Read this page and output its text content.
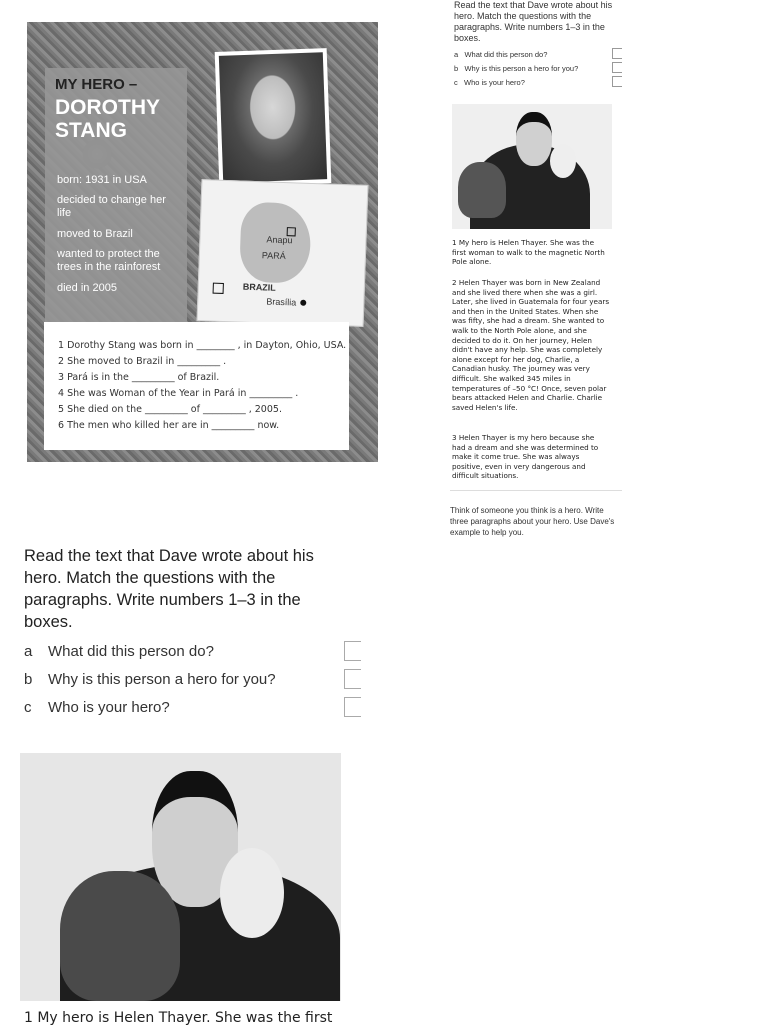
MY HERO –
DOROTHY STANG
born: 1931 in USA
decided to change her life
moved to Brazil
wanted to protect the trees in the rainforest
died in 2005
Anapu
PARÁ
BRAZIL
Brasília
1 Dorothy Stang was born in ________ , in Dayton, Ohio, USA.
2 She moved to Brazil in _________ .
3 Pará is in the _________ of Brazil.
4 She was Woman of the Year in Pará in _________ .
5 She died on the _________ of _________ , 2005.
6 The men who killed her are in _________ now.
Read the text that Dave wrote about his hero. Match the questions with the paragraphs. Write numbers 1–3 in the boxes.
a What did this person do?
b Why is this person a hero for you?
c Who is your hero?
1 My hero is Helen Thayer. She was the first woman to walk to the magnetic North Pole alone.
2 Helen Thayer was born in New Zealand and she lived there when she was a girl. Later, she lived in Guatemala for four years and then in the United States. When she was fifty, she had a dream. She wanted to walk to the North Pole alone, and she decided to do it. On her journey, Helen didn't have any help. She was completely alone except for her dog, Charlie, a Canadian husky. The journey was very difficult. She walked 345 miles in temperatures of –50 °C! Once, seven polar bears attacked Helen and Charlie. Charlie saved Helen's life.
3 Helen Thayer is my hero because she had a dream and she was determined to make it come true. She was always positive, even in very dangerous and difficult situations.
Think of someone you think is a hero. Write three paragraphs about your hero. Use Dave's example to help you.
Read the text that Dave wrote about his hero. Match the questions with the paragraphs. Write numbers 1–3 in the boxes.
a What did this person do?
b Why is this person a hero for you?
c Who is your hero?
1 My hero is Helen Thayer. She was the first
